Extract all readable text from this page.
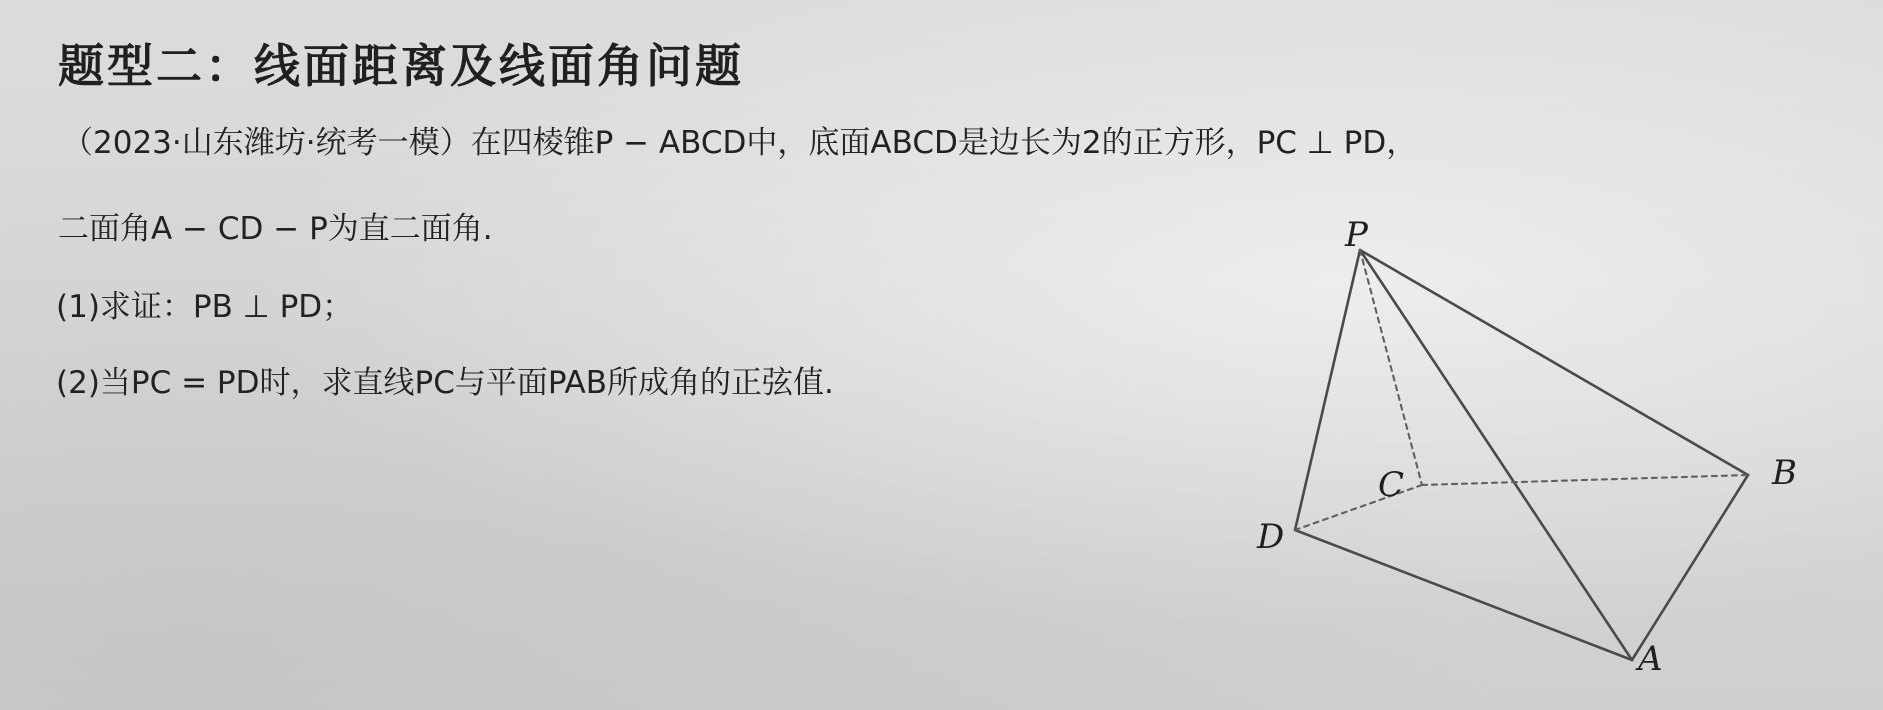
题型二：线面距离及线面角问题
（2023·山东潍坊·统考一模）在四棱锥P − ABCD中，底面ABCD是边长为2的正方形，PC ⊥ PD，
二面角A − CD − P为直二面角.
(1)求证：PB ⊥ PD；
(2)当PC = PD时，求直线PC与平面PAB所成角的正弦值.
P
B
C
D
A
